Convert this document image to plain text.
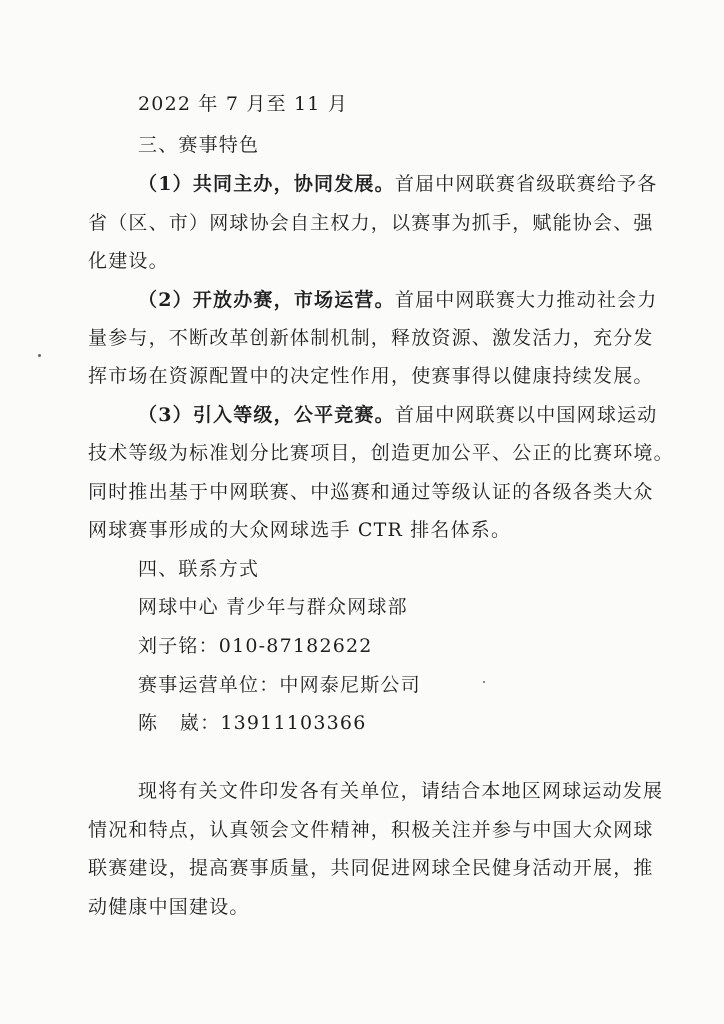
2022 年 7 月至 11 月
三、赛事特色
（1）共同主办，协同发展。首届中网联赛省级联赛给予各
省（区、市）网球协会自主权力，以赛事为抓手，赋能协会、强
化建设。
（2）开放办赛，市场运营。首届中网联赛大力推动社会力
量参与，不断改革创新体制机制，释放资源、激发活力，充分发
挥市场在资源配置中的决定性作用，使赛事得以健康持续发展。
（3）引入等级，公平竞赛。首届中网联赛以中国网球运动
技术等级为标准划分比赛项目，创造更加公平、公正的比赛环境。
同时推出基于中网联赛、中巡赛和通过等级认证的各级各类大众
网球赛事形成的大众网球选手 CTR 排名体系。
四、联系方式
网球中心 青少年与群众网球部
刘子铭：010-87182622
赛事运营单位：中网泰尼斯公司
陈   崴：13911103366
现将有关文件印发各有关单位，请结合本地区网球运动发展
情况和特点，认真领会文件精神，积极关注并参与中国大众网球
联赛建设，提高赛事质量，共同促进网球全民健身活动开展，推
动健康中国建设。
